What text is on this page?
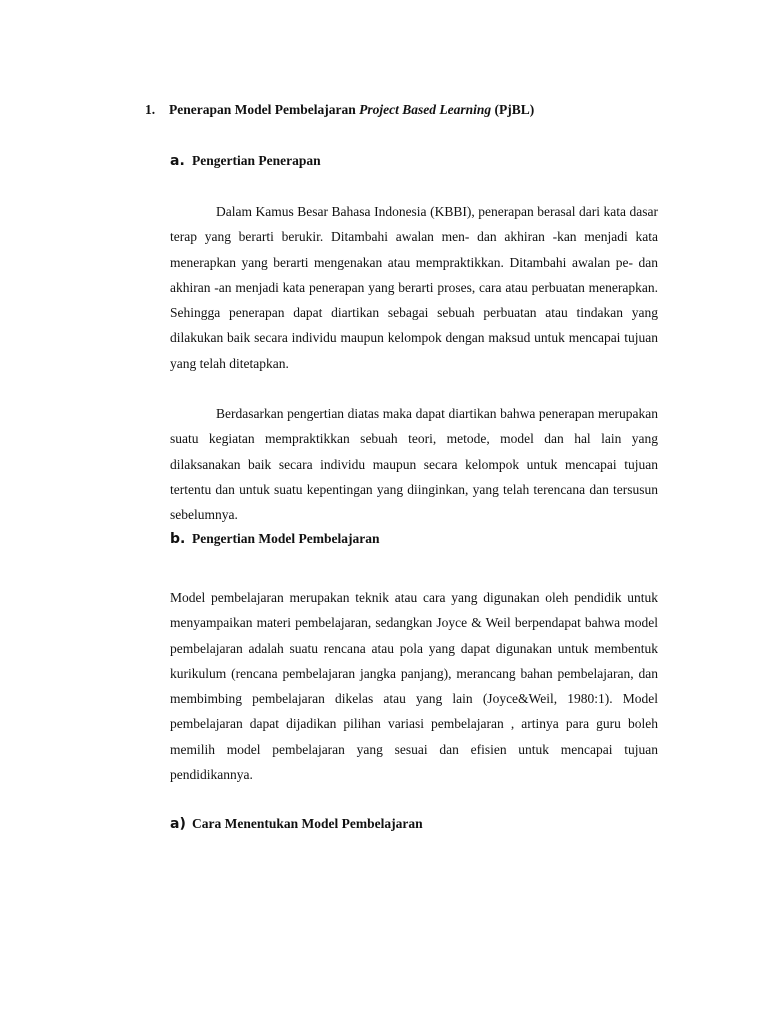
1. Penerapan Model Pembelajaran Project Based Learning (PjBL)
a. Pengertian Penerapan

Dalam Kamus Besar Bahasa Indonesia (KBBI), penerapan berasal dari kata dasar terap yang berarti berukir. Ditambahi awalan men- dan akhiran -kan menjadi kata menerapkan yang berarti mengenakan atau mempraktikkan. Ditambahi awalan pe- dan akhiran -an menjadi kata penerapan yang berarti proses, cara atau perbuatan menerapkan. Sehingga penerapan dapat diartikan sebagai sebuah perbuatan atau tindakan yang dilakukan baik secara individu maupun kelompok dengan maksud untuk mencapai tujuan yang telah ditetapkan.

Berdasarkan pengertian diatas maka dapat diartikan bahwa penerapan merupakan suatu kegiatan mempraktikkan sebuah teori, metode, model dan hal lain yang dilaksanakan baik secara individu maupun secara kelompok untuk mencapai tujuan tertentu dan untuk suatu kepentingan yang diinginkan, yang telah terencana dan tersusun sebelumnya.

b. Pengertian Model Pembelajaran

Model pembelajaran merupakan teknik atau cara yang digunakan oleh pendidik untuk menyampaikan materi pembelajaran, sedangkan Joyce & Weil berpendapat bahwa model pembelajaran adalah suatu rencana atau pola yang dapat digunakan untuk membentuk kurikulum (rencana pembelajaran jangka panjang), merancang bahan pembelajaran, dan membimbing pembelajaran dikelas atau yang lain (Joyce&Weil, 1980:1). Model pembelajaran dapat dijadikan pilihan variasi pembelajaran , artinya para guru boleh memilih model pembelajaran yang sesuai dan efisien untuk mencapai tujuan pendidikannya.

a) Cara Menentukan Model Pembelajaran
